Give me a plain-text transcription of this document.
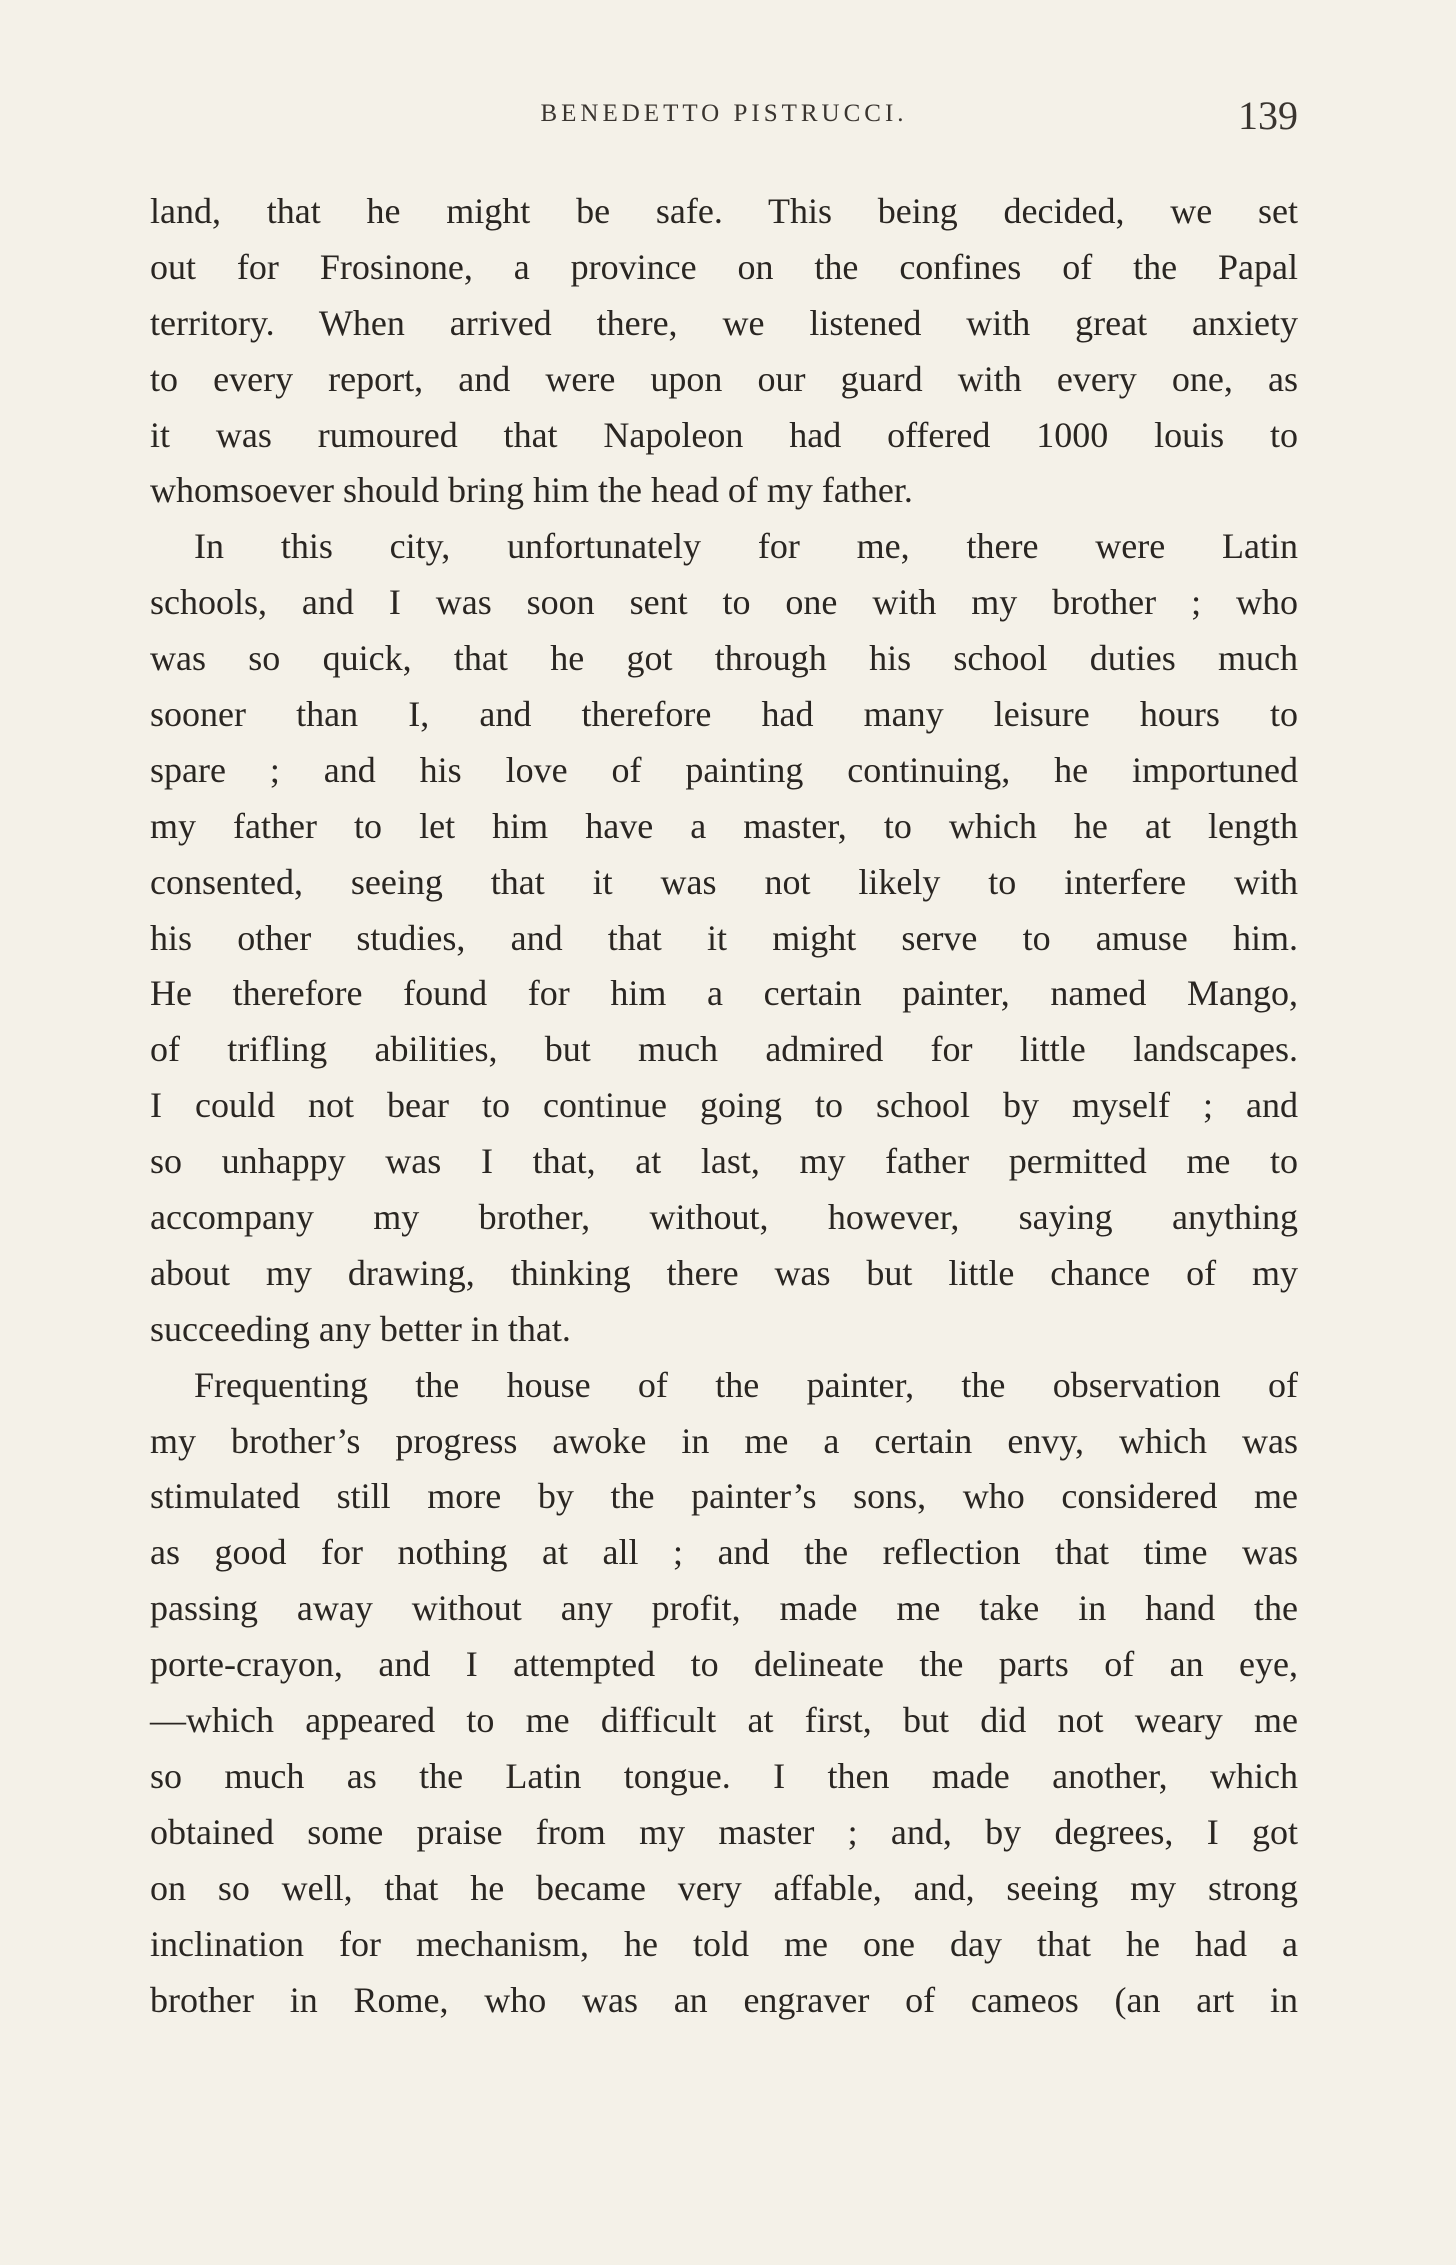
BENEDETTO PISTRUCCI.	139
land, that he might be safe. This being decided, we set
out for Frosinone, a province on the confines of the Papal
territory. When arrived there, we listened with great anxiety
to every report, and were upon our guard with every one, as
it was rumoured that Napoleon had offered 1000 louis to
whomsoever should bring him the head of my father.
In this city, unfortunately for me, there were Latin
schools, and I was soon sent to one with my brother ; who
was so quick, that he got through his school duties much
sooner than I, and therefore had many leisure hours to
spare ; and his love of painting continuing, he importuned
my father to let him have a master, to which he at length
consented, seeing that it was not likely to interfere with
his other studies, and that it might serve to amuse him.
He therefore found for him a certain painter, named Mango,
of trifling abilities, but much admired for little landscapes.
I could not bear to continue going to school by myself ; and
so unhappy was I that, at last, my father permitted me to
accompany my brother, without, however, saying anything
about my drawing, thinking there was but little chance of my
succeeding any better in that.
Frequenting the house of the painter, the observation of
my brother’s progress awoke in me a certain envy, which was
stimulated still more by the painter’s sons, who considered me
as good for nothing at all ; and the reflection that time was
passing away without any profit, made me take in hand the
porte-crayon, and I attempted to delineate the parts of an eye,
—which appeared to me difficult at first, but did not weary me
so much as the Latin tongue. I then made another, which
obtained some praise from my master ; and, by degrees, I got
on so well, that he became very affable, and, seeing my strong
inclination for mechanism, he told me one day that he had a
brother in Rome, who was an engraver of cameos (an art in
